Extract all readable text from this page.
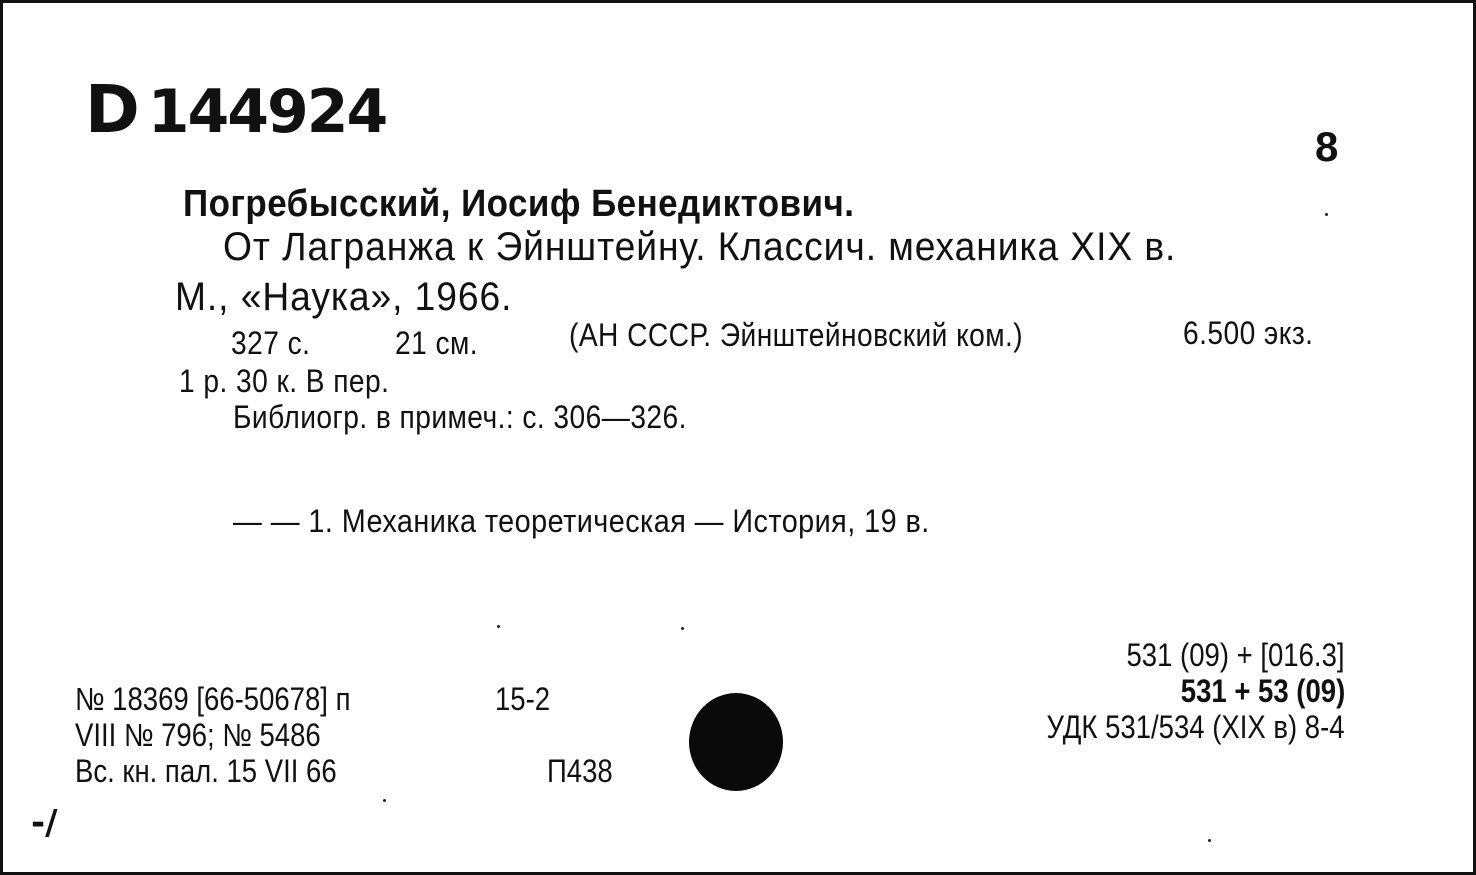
D 144924	8
Погребысский, Иосиф Бенедиктович.
От Лагранжа к Эйнштейну. Классич. механика XIX в.
М., «Наука», 1966.
327 с.	21 см.	(АН СССР. Эйнштейновский ком.)	6.500 экз.
1 р. 30 к. В пер.
Библиогр. в примеч.: с. 306—326.
— — 1. Механика теоретическая — История, 19 в.
№ 18369 [66-50678] п
VIII № 796; № 5486
Вс. кн. пал. 15 VII 66
15-2
П438
531 (09) + [016.3]
531 + 53 (09)
УДК 531/534 (XIX в) 8-4
-/
